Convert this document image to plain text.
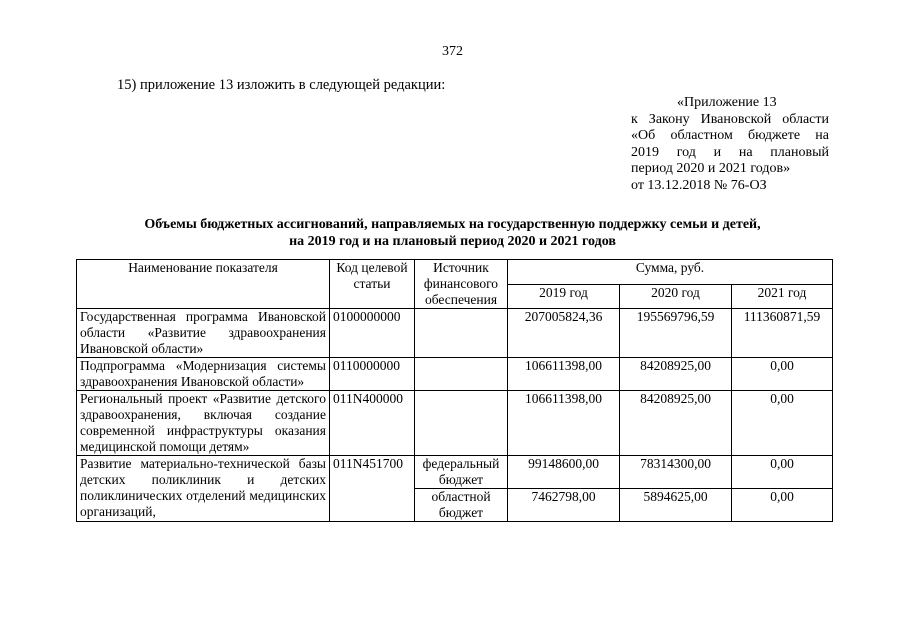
372
15) приложение 13 изложить в следующей редакции:
«Приложение 13
к Закону Ивановской области
«Об областном бюджете на
2019 год и на плановый
период 2020 и 2021 годов»
от 13.12.2018 № 76-ОЗ
Объемы бюджетных ассигнований, направляемых на государственную поддержку семьи и детей,
на 2019 год и на плановый период 2020 и 2021 годов
Наименование показателя	Код целевой статьи	Источник финансового обеспечения	Сумма, руб.		
			2019 год	2020 год	2021 год
Государственная программа Ивановской области «Развитие здравоохранения Ивановской области»	0100000000		207005824,36	195569796,59	111360871,59
Подпрограмма «Модернизация системы здравоохранения Ивановской области»	0110000000		106611398,00	84208925,00	0,00
Региональный проект «Развитие детского здравоохранения, включая создание современной инфраструктуры оказания медицинской помощи детям»	011N400000		106611398,00	84208925,00	0,00
Развитие материально-технической базы детских поликлиник и детских поликлинических отделений медицинских организаций,	011N451700	федеральный бюджет	99148600,00	78314300,00	0,00
		областной бюджет	7462798,00	5894625,00	0,00
